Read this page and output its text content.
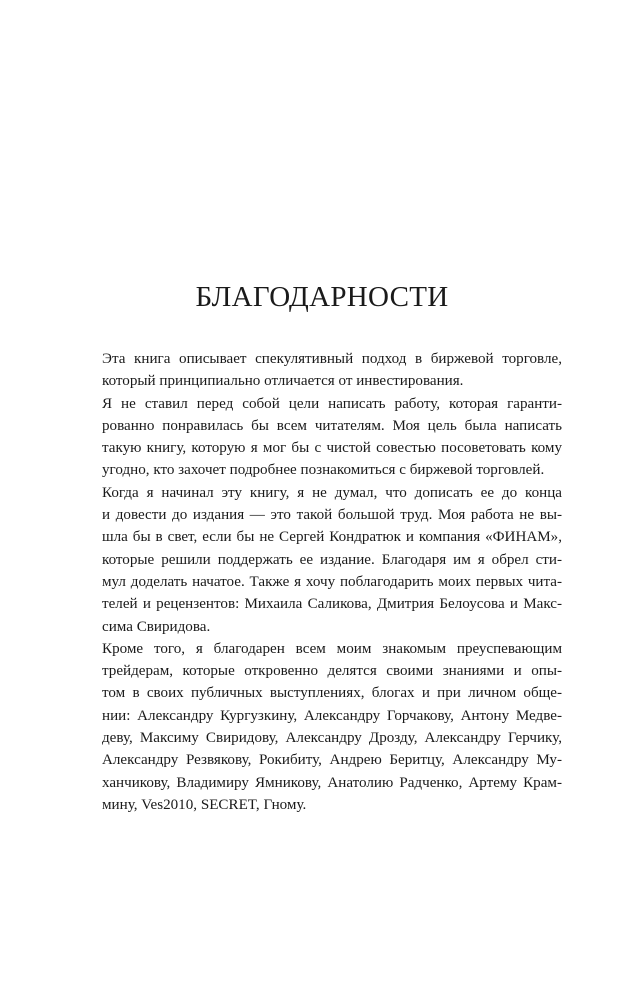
БЛАГОДАРНОСТИ

Эта книга описывает спекулятивный подход в биржевой торговле,
который принципиально отличается от инвестирования.

Я не ставил перед собой цели написать работу, которая гаранти-
рованно понравилась бы всем читателям. Моя цель была написать
такую книгу, которую я мог бы с чистой совестью посоветовать кому
угодно, кто захочет подробнее познакомиться с биржевой торговлей.

Когда я начинал эту книгу, я не думал, что дописать ее до конца
и довести до издания — это такой большой труд. Моя работа не вы-
шла бы в свет, если бы не Сергей Кондратюк и компания «ФИНАМ»,
которые решили поддержать ее издание. Благодаря им я обрел сти-
мул доделать начатое. Также я хочу поблагодарить моих первых чита-
телей и рецензентов: Михаила Саликова, Дмитрия Белоусова и Макс-
сима Свиридова.

Кроме того, я благодарен всем моим знакомым преуспевающим
трейдерам, которые откровенно делятся своими знаниями и опы-
том в своих публичных выступлениях, блогах и при личном обще-
нии: Александру Кургузкину, Александру Горчакову, Антону Медве-
деву, Максиму Свиридову, Александру Дрозду, Александру Герчику,
Александру Резвякову, Рокибиту, Андрею Беритцу, Александру Му-
ханчикову, Владимиру Ямникову, Анатолию Радченко, Артему Крам-
мину, Ves2010, SECRET, Гному.
